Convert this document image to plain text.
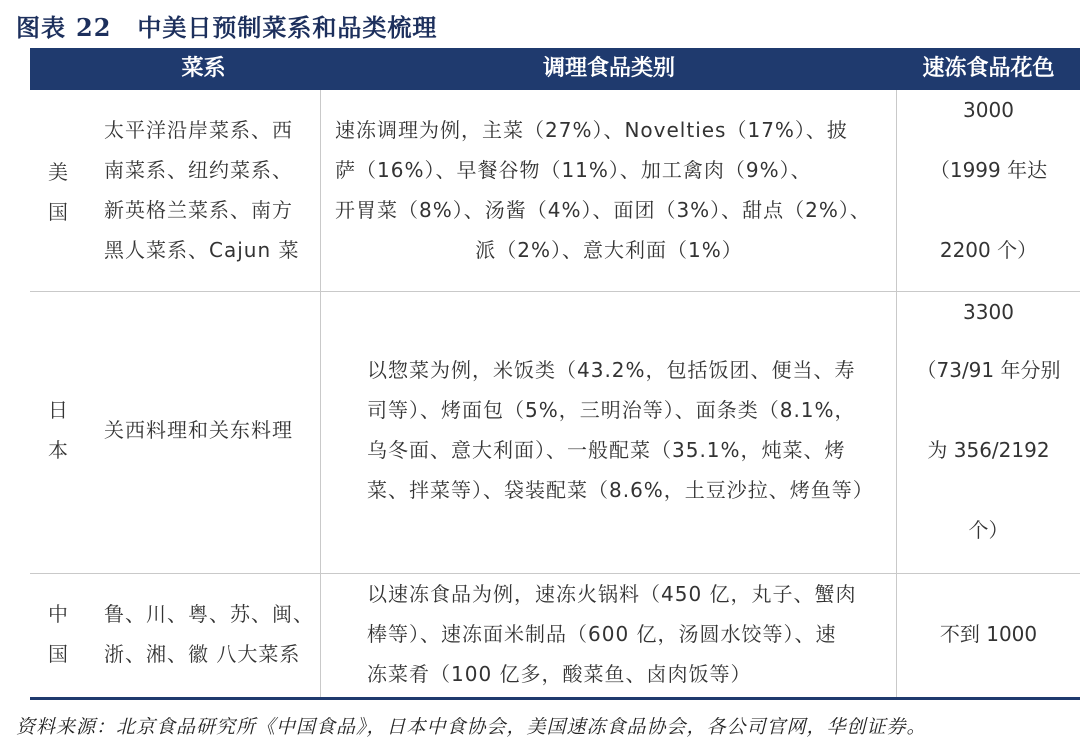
图表 22 中美日预制菜系和品类梳理
菜系	调理食品类别	速冻食品花色
美
国
太平洋沿岸菜系、西
南菜系、纽约菜系、
新英格兰菜系、南方
黑人菜系、Cajun 菜
速冻调理为例，主菜（27%）、Novelties（17%）、披
萨（16%）、早餐谷物（11%）、加工禽肉（9%）、
开胃菜（8%）、汤酱（4%）、面团（3%）、甜点（2%）、
派（2%）、意大利面（1%）
3000
（1999 年达
2200 个）
日
本
关西料理和关东料理
以惣菜为例，米饭类（43.2%，包括饭团、便当、寿
司等）、烤面包（5%，三明治等）、面条类（8.1%，
乌冬面、意大利面）、一般配菜（35.1%，炖菜、烤
菜、拌菜等）、袋装配菜（8.6%，土豆沙拉、烤鱼等）
3300
（73/91 年分别
为 356/2192
个）
中
国
鲁、川、粤、苏、闽、
浙、湘、徽 八大菜系
以速冻食品为例，速冻火锅料（450 亿，丸子、蟹肉
棒等）、速冻面米制品（600 亿，汤圆水饺等）、速
冻菜肴（100 亿多，酸菜鱼、卤肉饭等）
不到 1000
资料来源：北京食品研究所《中国食品》，日本中食协会，美国速冻食品协会，各公司官网，华创证券。
